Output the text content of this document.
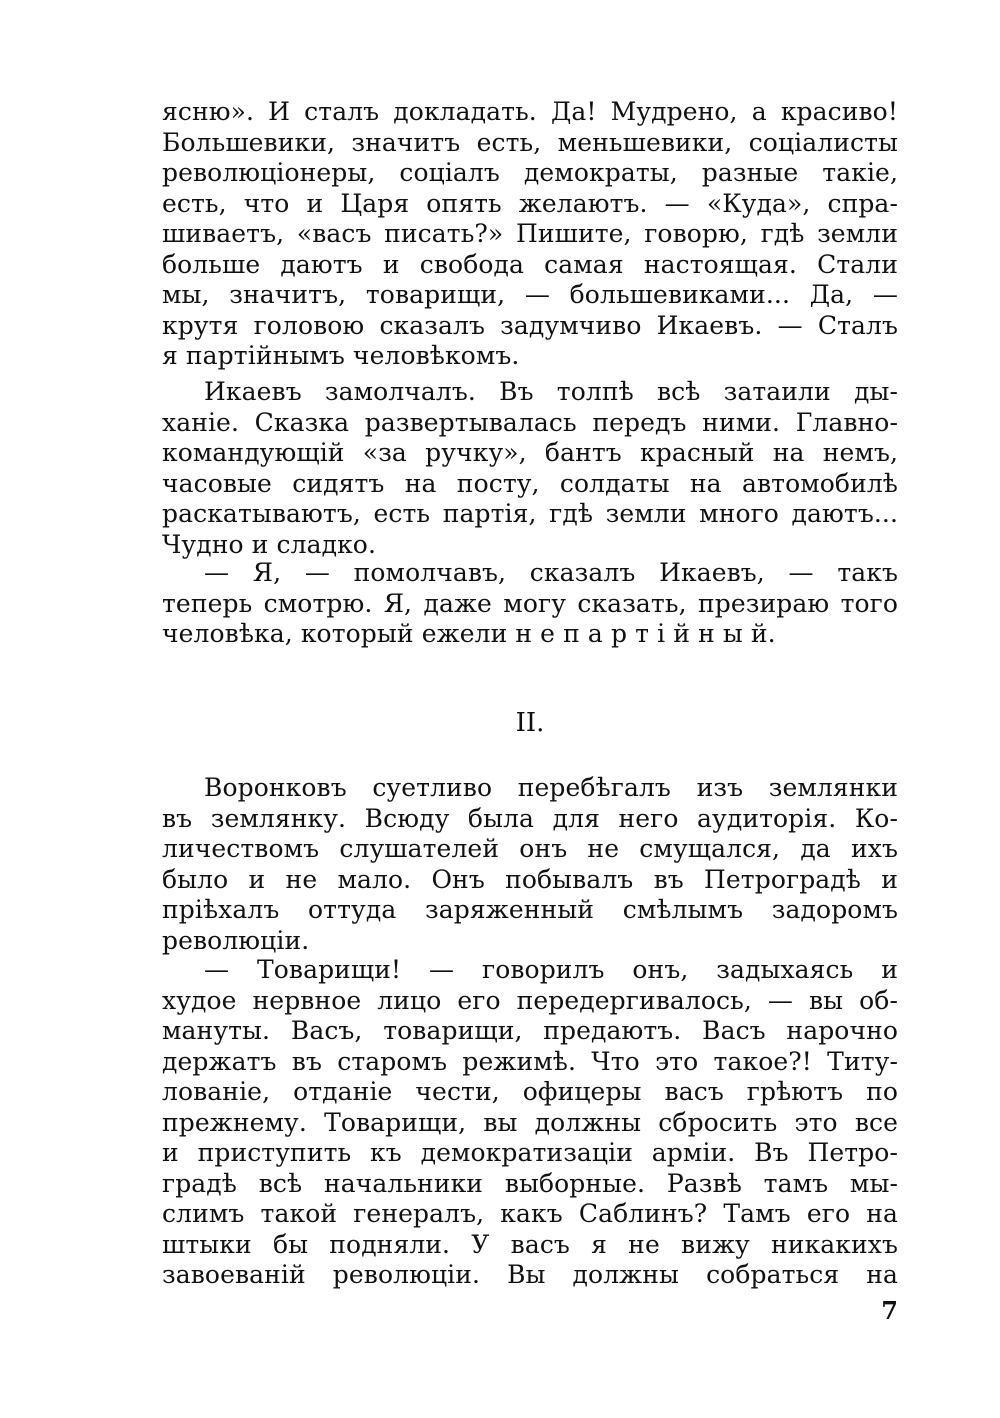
ясню». И сталъ докладать. Да! Мудрено, а красиво!
Большевики, значитъ есть, меньшевики, соціалисты
революціонеры, соціалъ демократы, разные такіе,
есть, что и Царя опять желаютъ. — «Куда», спра-
шиваетъ, «васъ писать?» Пишите, говорю, гдѣ земли
больше даютъ и свобода самая настоящая. Стали
мы, значитъ, товарищи, — большевиками... Да, —
крутя головою сказалъ задумчиво Икаевъ. — Сталъ
я партійнымъ человѣкомъ.
Икаевъ замолчалъ. Въ толпѣ всѣ затаили ды-
ханіе. Сказка развертывалась передъ ними. Главно-
командующій «за ручку», бантъ красный на немъ,
часовые сидятъ на посту, солдаты на автомобилѣ
раскатываютъ, есть партія, гдѣ земли много даютъ...
Чудно и сладко.
— Я, — помолчавъ, сказалъ Икаевъ, — такъ
теперь смотрю. Я, даже могу сказать, презираю того
человѣка, который ежели н е п а р т і й н ы й.
II.
Воронковъ суетливо перебѣгалъ изъ землянки
въ землянку. Всюду была для него аудиторія. Ко-
личествомъ слушателей онъ не смущался, да ихъ
было и не мало. Онъ побывалъ въ Петроградѣ и
пріѣхалъ оттуда заряженный смѣлымъ задоромъ
революціи.
— Товарищи! — говорилъ онъ, задыхаясь и
худое нервное лицо его передергивалось, — вы об-
мануты. Васъ, товарищи, предаютъ. Васъ нарочно
держатъ въ старомъ режимѣ. Что это такое?! Титу-
лованіе, отданіе чести, офицеры васъ грѣютъ по
прежнему. Товарищи, вы должны сбросить это все
и приступить къ демократизаціи арміи. Въ Петро-
градѣ всѣ начальники выборные. Развѣ тамъ мы-
слимъ такой генералъ, какъ Саблинъ? Тамъ его на
штыки бы подняли. У васъ я не вижу никакихъ
завоеваній революціи. Вы должны собраться на
7
